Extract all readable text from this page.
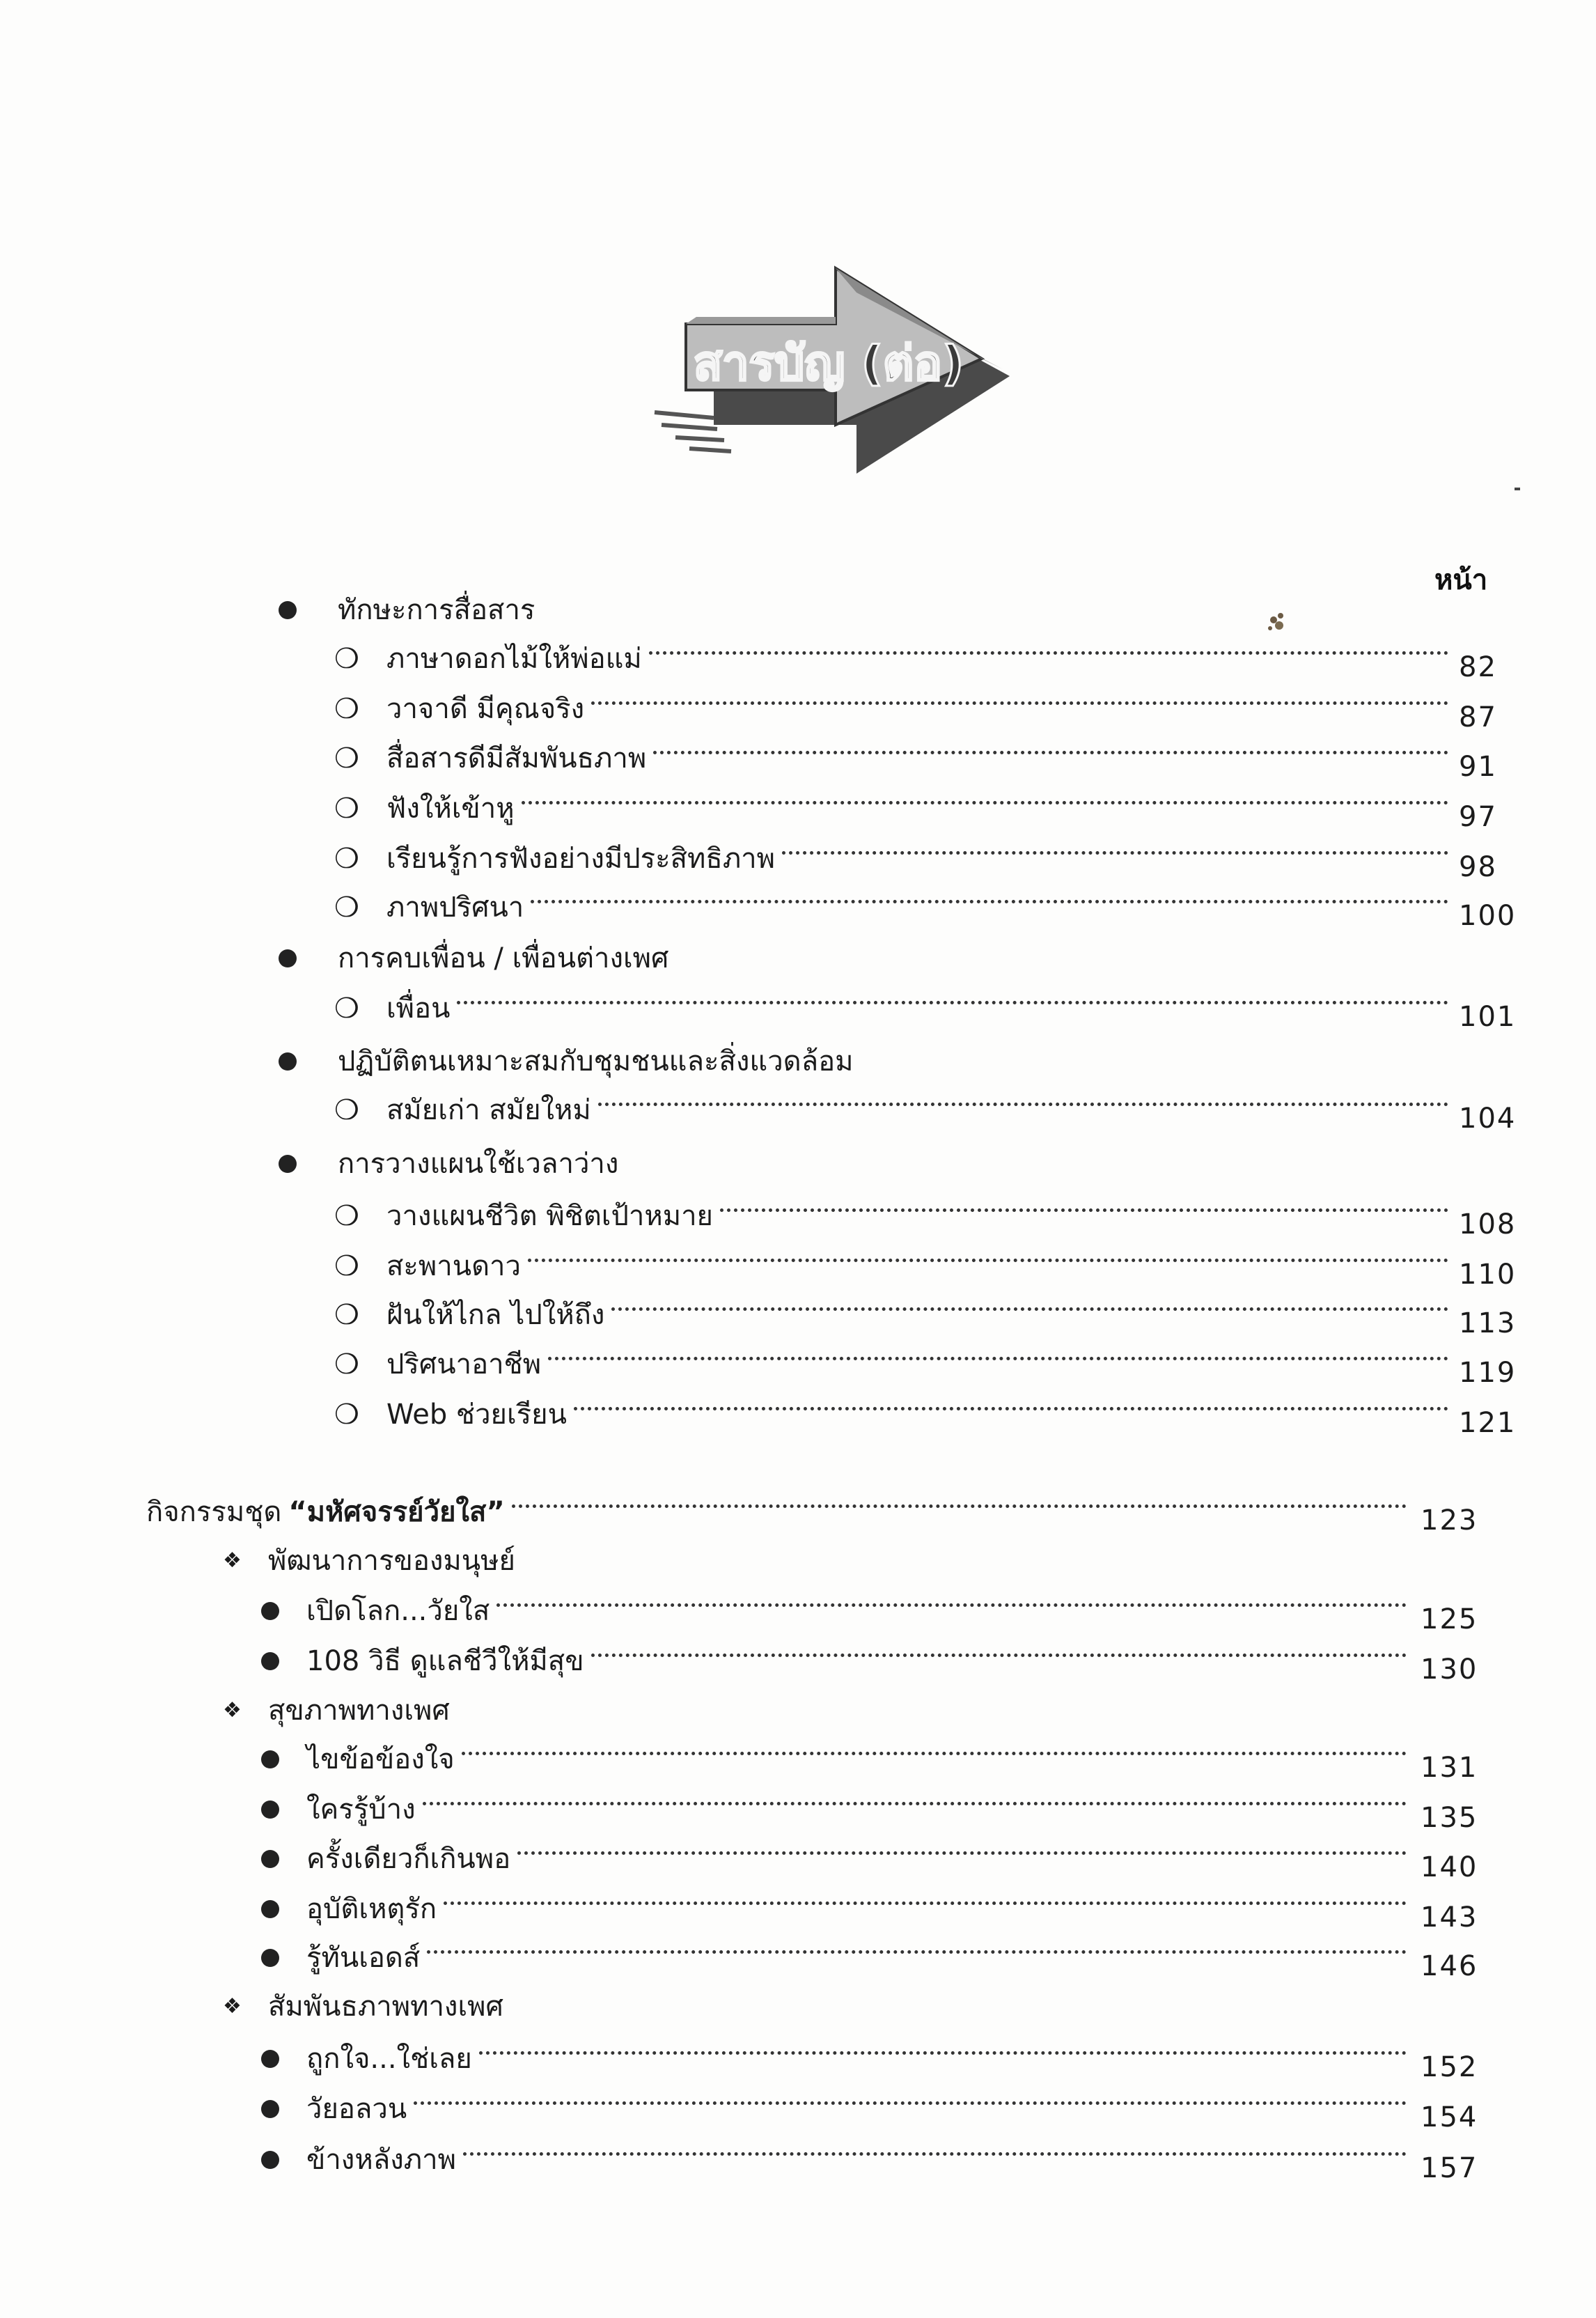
สารบัญ (ต่อ)
หน้า
ทักษะการสื่อสาร
❍ ภาษาดอกไม้ให้พ่อแม่	82
❍ วาจาดี มีคุณจริง	87
❍ สื่อสารดีมีสัมพันธภาพ	91
❍ ฟังให้เข้าหู	97
❍ เรียนรู้การฟังอย่างมีประสิทธิภาพ	98
❍ ภาพปริศนา	100
การคบเพื่อน / เพื่อนต่างเพศ
❍ เพื่อน	101
ปฏิบัติตนเหมาะสมกับชุมชนและสิ่งแวดล้อม
❍ สมัยเก่า สมัยใหม่	104
การวางแผนใช้เวลาว่าง
❍ วางแผนชีวิต พิชิตเป้าหมาย	108
❍ สะพานดาว	110
❍ ฝันให้ไกล ไปให้ถึง	113
❍ ปริศนาอาชีพ	119
❍ Web ช่วยเรียน	121
กิจกรรมชุด “มหัศจรรย์วัยใส”	123
❖ พัฒนาการของมนุษย์
เปิดโลก...วัยใส	125
108 วิธี ดูแลชีวีให้มีสุข	130
❖ สุขภาพทางเพศ
ไขข้อข้องใจ	131
ใครรู้บ้าง	135
ครั้งเดียวก็เกินพอ	140
อุบัติเหตุรัก	143
รู้ทันเอดส์	146
❖ สัมพันธภาพทางเพศ
ถูกใจ...ใช่เลย	152
วัยอลวน	154
ข้างหลังภาพ	157
